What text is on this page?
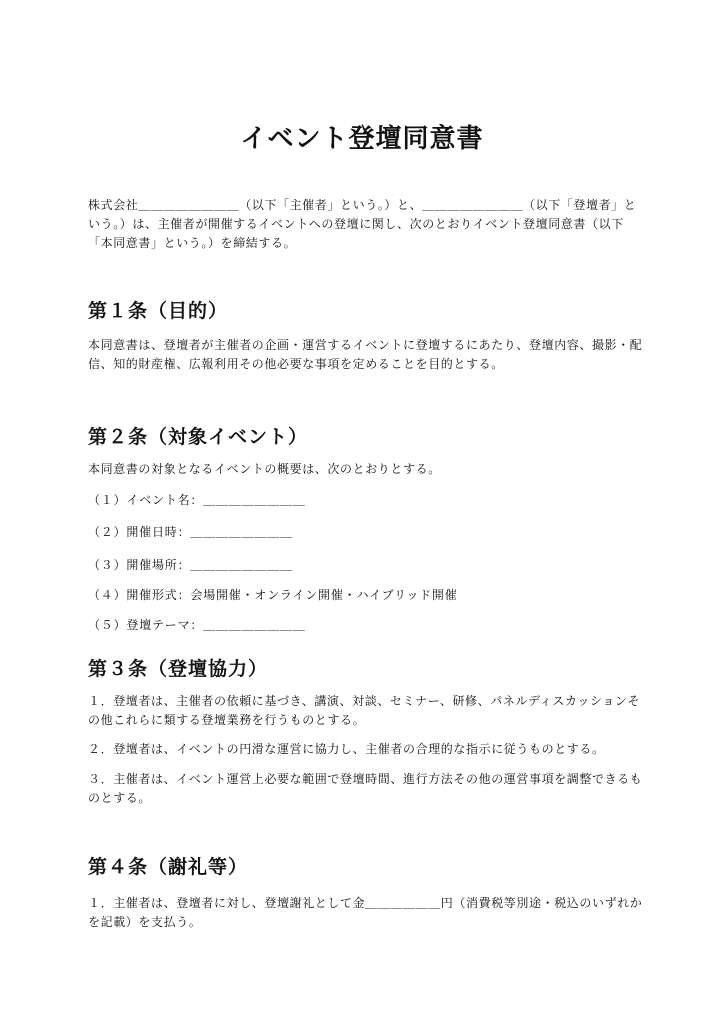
イベント登壇同意書

株式会社＿＿＿＿＿＿＿＿（以下「主催者」という。）と、＿＿＿＿＿＿＿＿（以下「登壇者」という。）は、主催者が開催するイベントへの登壇に関し、次のとおりイベント登壇同意書（以下「本同意書」という。）を締結する。

第１条（目的）

本同意書は、登壇者が主催者の企画・運営するイベントに登壇するにあたり、登壇内容、撮影・配信、知的財産権、広報利用その他必要な事項を定めることを目的とする。

第２条（対象イベント）

本同意書の対象となるイベントの概要は、次のとおりとする。

（１）イベント名：＿＿＿＿＿＿＿＿

（２）開催日時：＿＿＿＿＿＿＿＿

（３）開催場所：＿＿＿＿＿＿＿＿

（４）開催形式：会場開催・オンライン開催・ハイブリッド開催

（５）登壇テーマ：＿＿＿＿＿＿＿＿

第３条（登壇協力）

１．登壇者は、主催者の依頼に基づき、講演、対談、セミナー、研修、パネルディスカッションその他これらに類する登壇業務を行うものとする。

２．登壇者は、イベントの円滑な運営に協力し、主催者の合理的な指示に従うものとする。

３．主催者は、イベント運営上必要な範囲で登壇時間、進行方法その他の運営事項を調整できるものとする。

第４条（謝礼等）

１．主催者は、登壇者に対し、登壇謝礼として金＿＿＿＿＿＿円（消費税等別途・税込のいずれかを記載）を支払う。
